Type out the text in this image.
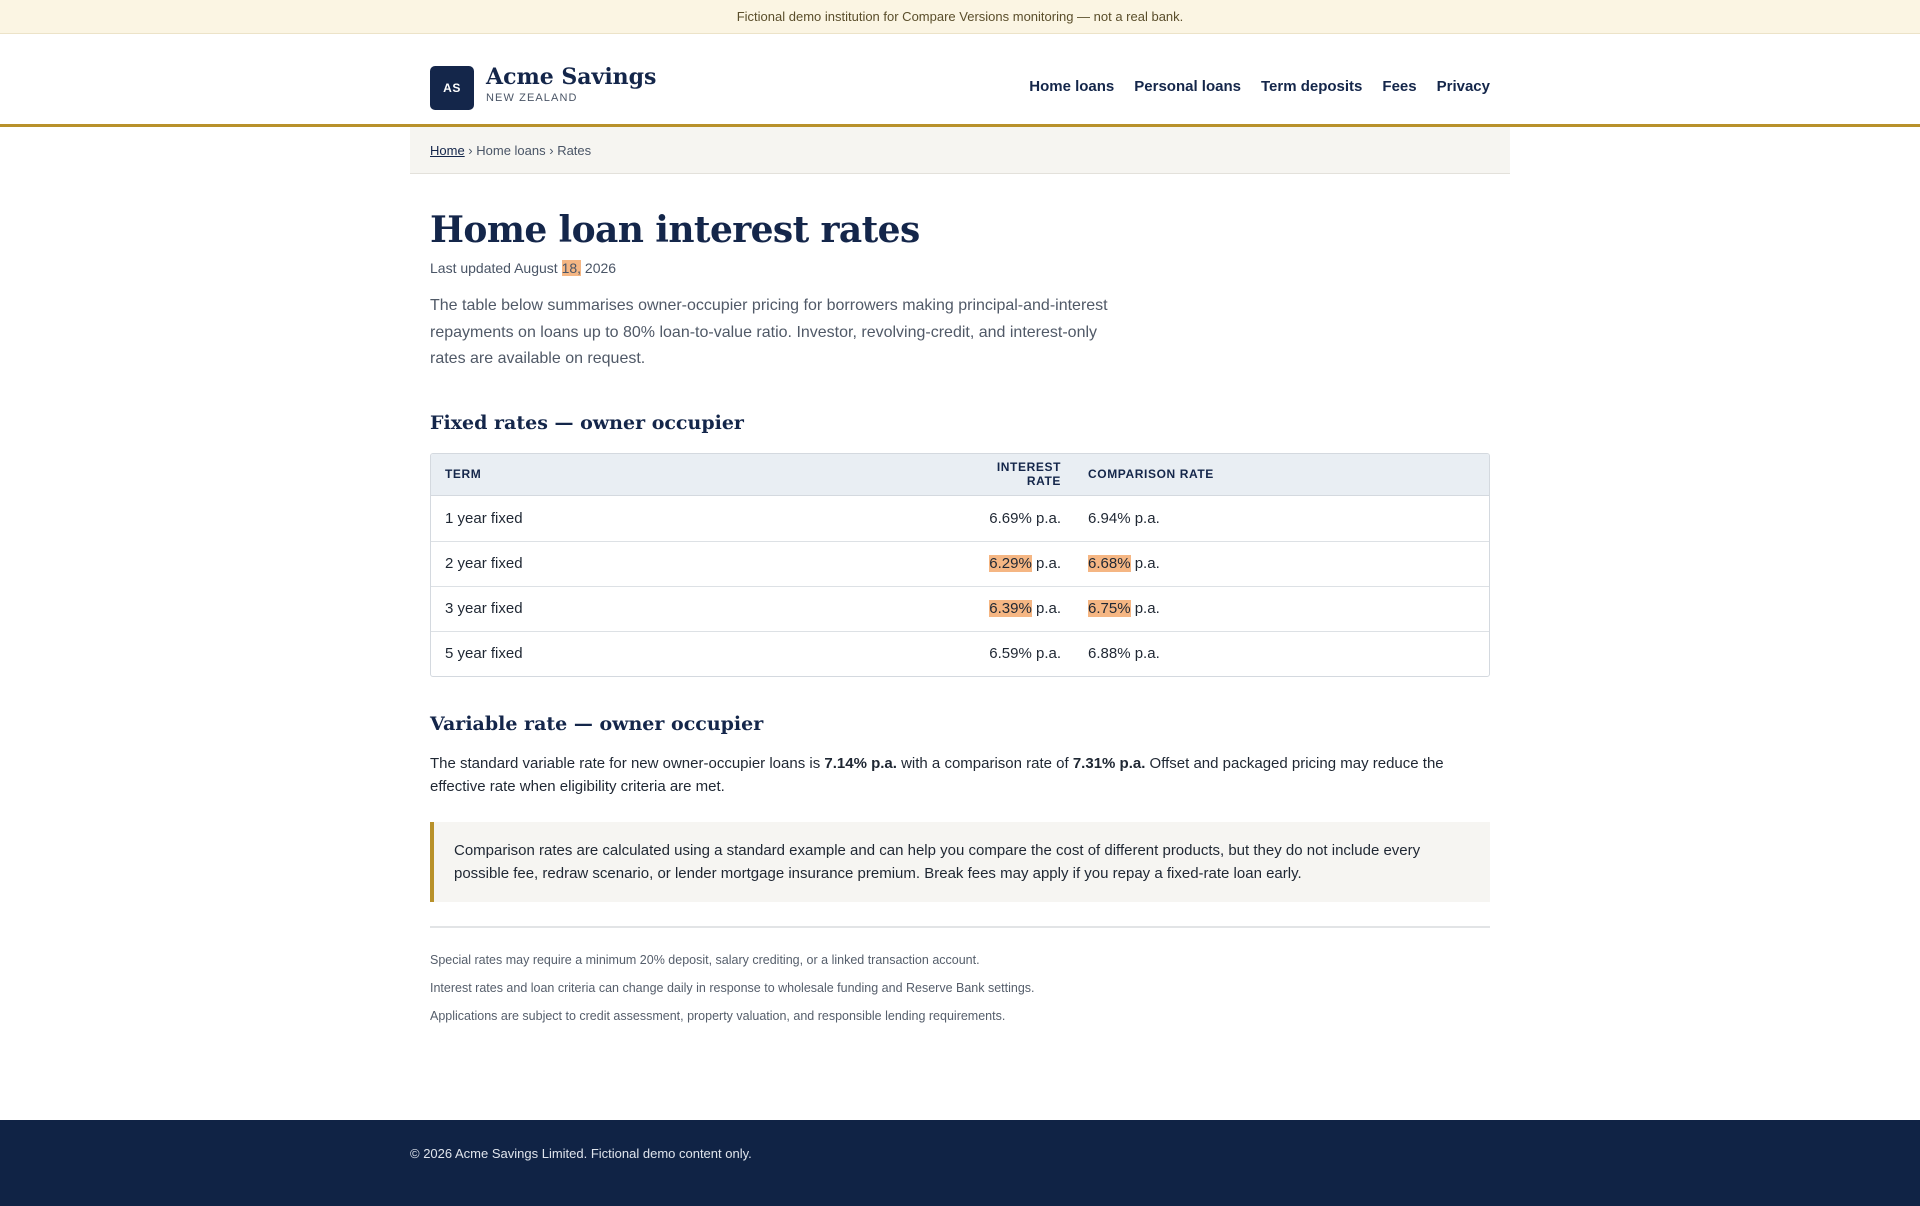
Fictional demo institution for Compare Versions monitoring — not a real bank.
AS	Acme Savings
NEW ZEALAND
Home loans Personal loans Term deposits Fees Privacy
Home › Home loans › Rates
Home loan interest rates
Last updated August 18, 2026

The table below summarises owner-occupier pricing for borrowers making principal-and-interest repayments on loans up to 80% loan-to-value ratio. Investor, revolving-credit, and interest-only rates are available on request.

Fixed rates — owner occupier
TERM	INTEREST RATE	COMPARISON RATE
1 year fixed	6.69% p.a.	6.94% p.a.
2 year fixed	6.29% p.a.	6.68% p.a.
3 year fixed	6.39% p.a.	6.75% p.a.
5 year fixed	6.59% p.a.	6.88% p.a.
Variable rate — owner occupier

The standard variable rate for new owner-occupier loans is 7.14% p.a. with a comparison rate of 7.31% p.a. Offset and packaged pricing may reduce the effective rate when eligibility criteria are met.

Comparison rates are calculated using a standard example and can help you compare the cost of different products, but they do not include every possible fee, redraw scenario, or lender mortgage insurance premium. Break fees may apply if you repay a fixed-rate loan early.

Special rates may require a minimum 20% deposit, salary crediting, or a linked transaction account.

Interest rates and loan criteria can change daily in response to wholesale funding and Reserve Bank settings.

Applications are subject to credit assessment, property valuation, and responsible lending requirements.

© 2026 Acme Savings Limited. Fictional demo content only.
